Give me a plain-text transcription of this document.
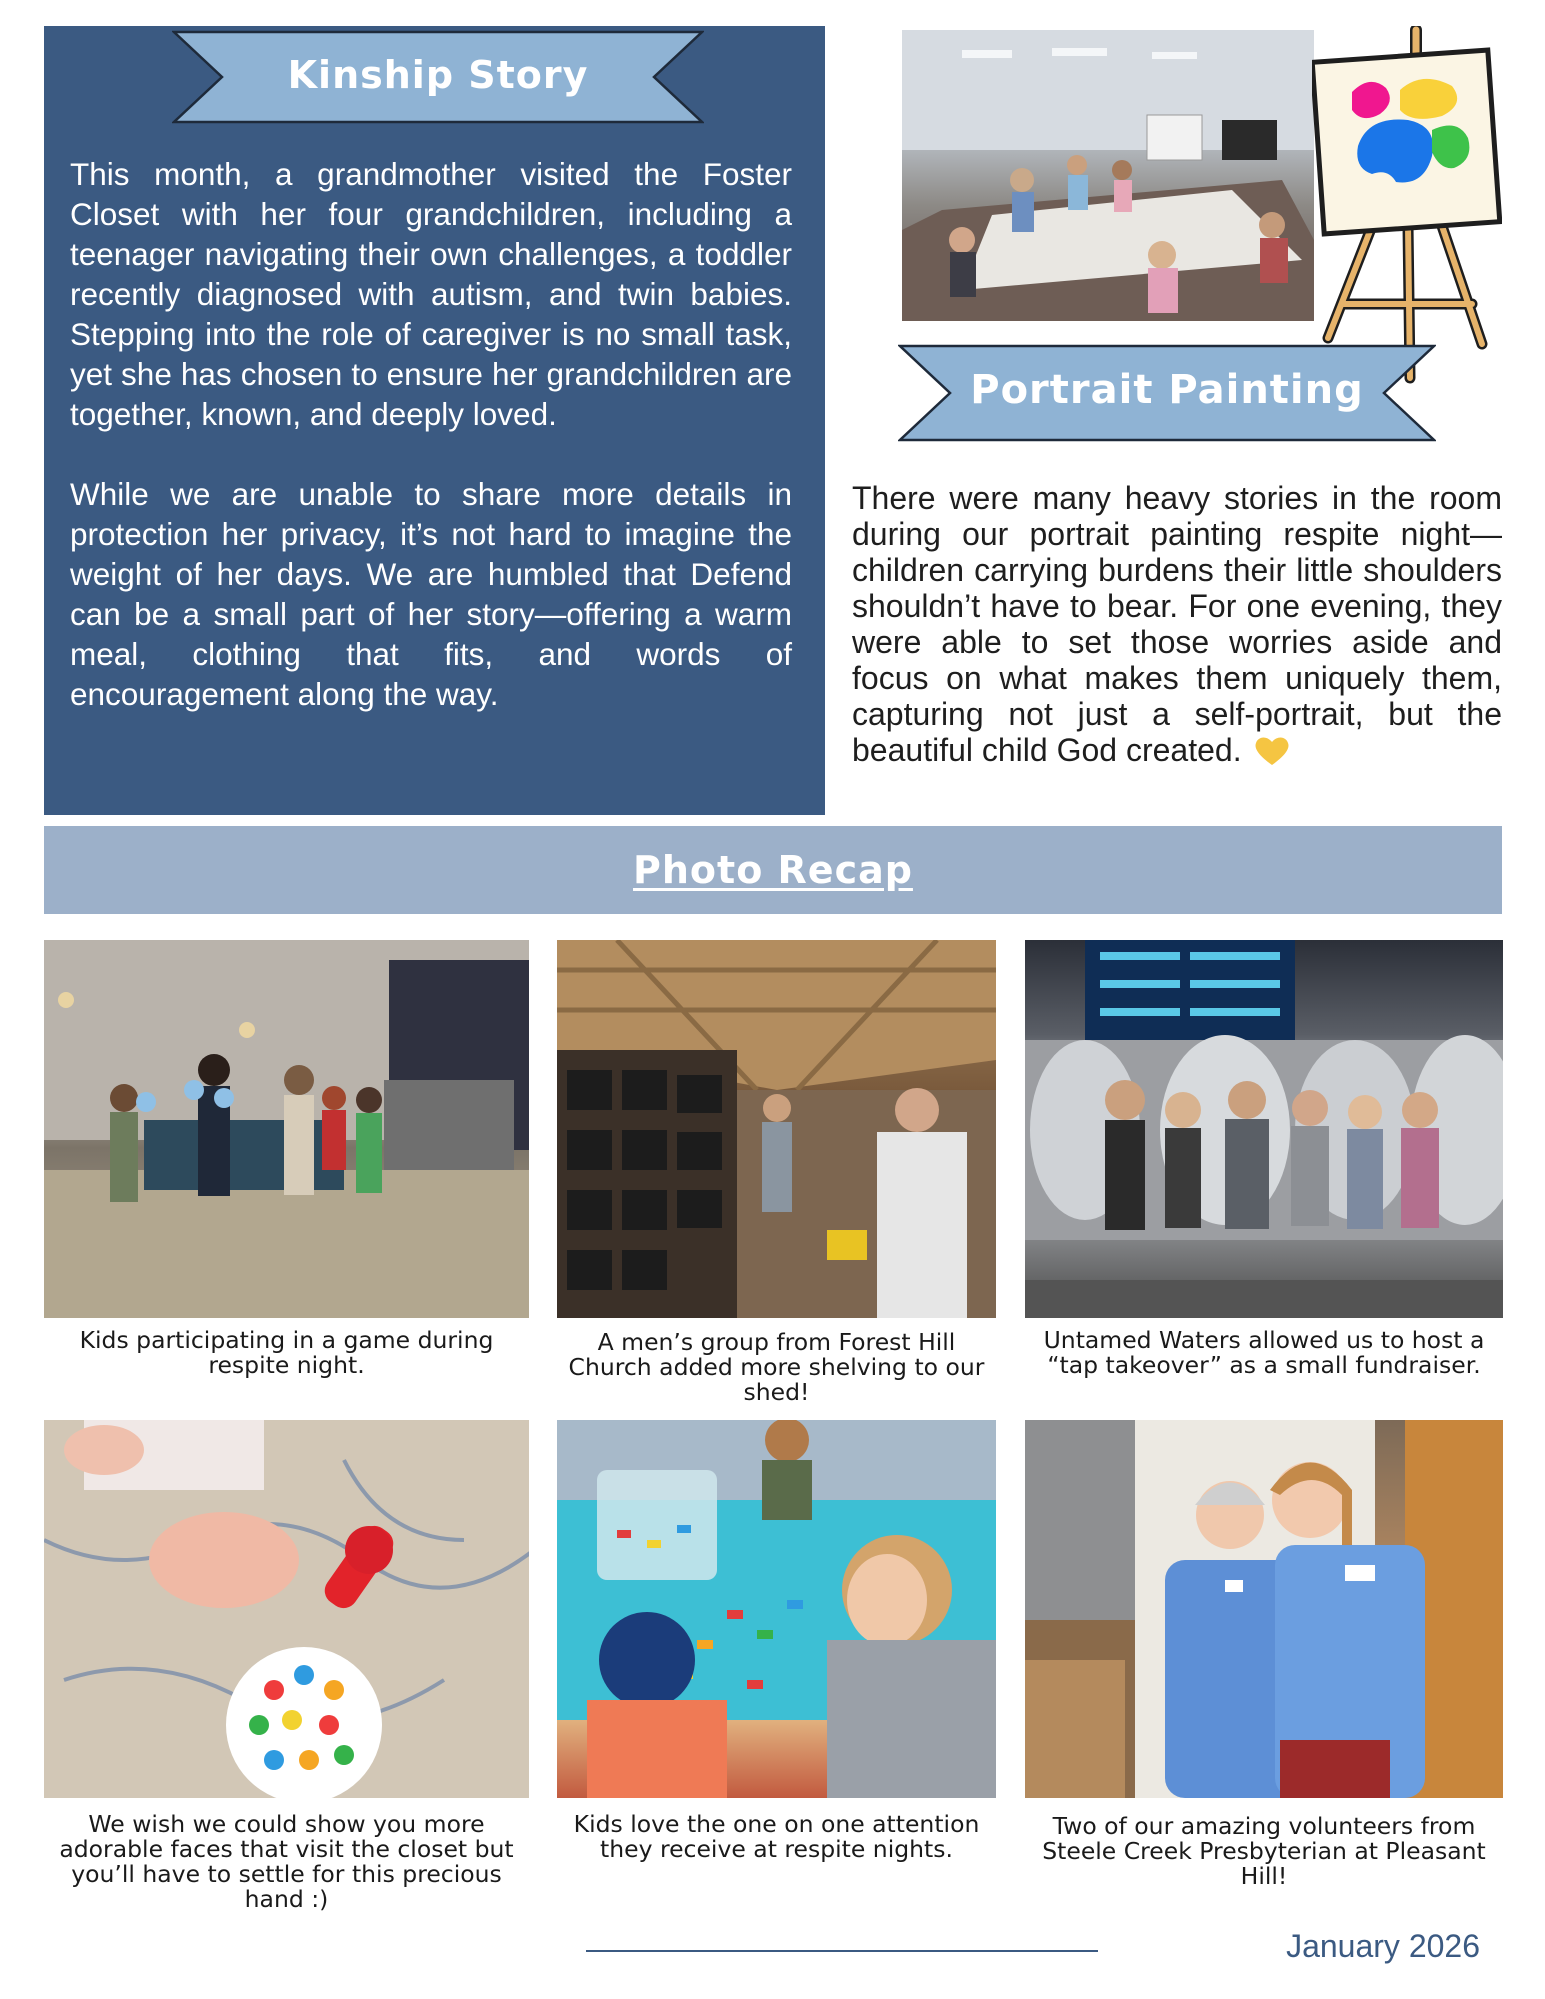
Kinship Story

This month, a grandmother visited the Foster Closet with her four grandchildren, including a teenager navigating their own challenges, a toddler recently diagnosed with autism, and twin babies. Stepping into the role of caregiver is no small task, yet she has chosen to ensure her grandchildren are together, known, and deeply loved.

While we are unable to share more details in protection her privacy, it’s not hard to imagine the weight of her days. We are humbled that Defend can be a small part of her story—offering a warm meal, clothing that fits, and words of encouragement along the way.

Portrait Painting
There were many heavy stories in the room during our portrait painting respite night—children carrying burdens their little shoulders shouldn’t have to bear. For one evening, they were able to set those worries aside and focus on what makes them uniquely them, capturing not just a self-portrait, but the beautiful child God created.
Photo Recap
Kids participating in a game during respite night.
A men’s group from Forest Hill Church added more shelving to our shed!
Untamed Waters allowed us to host a “tap takeover” as a small fundraiser.
We wish we could show you more adorable faces that visit the closet but you’ll have to settle for this precious hand :)
Kids love the one on one attention they receive at respite nights.
Two of our amazing volunteers from Steele Creek Presbyterian at Pleasant Hill!
January 2026
